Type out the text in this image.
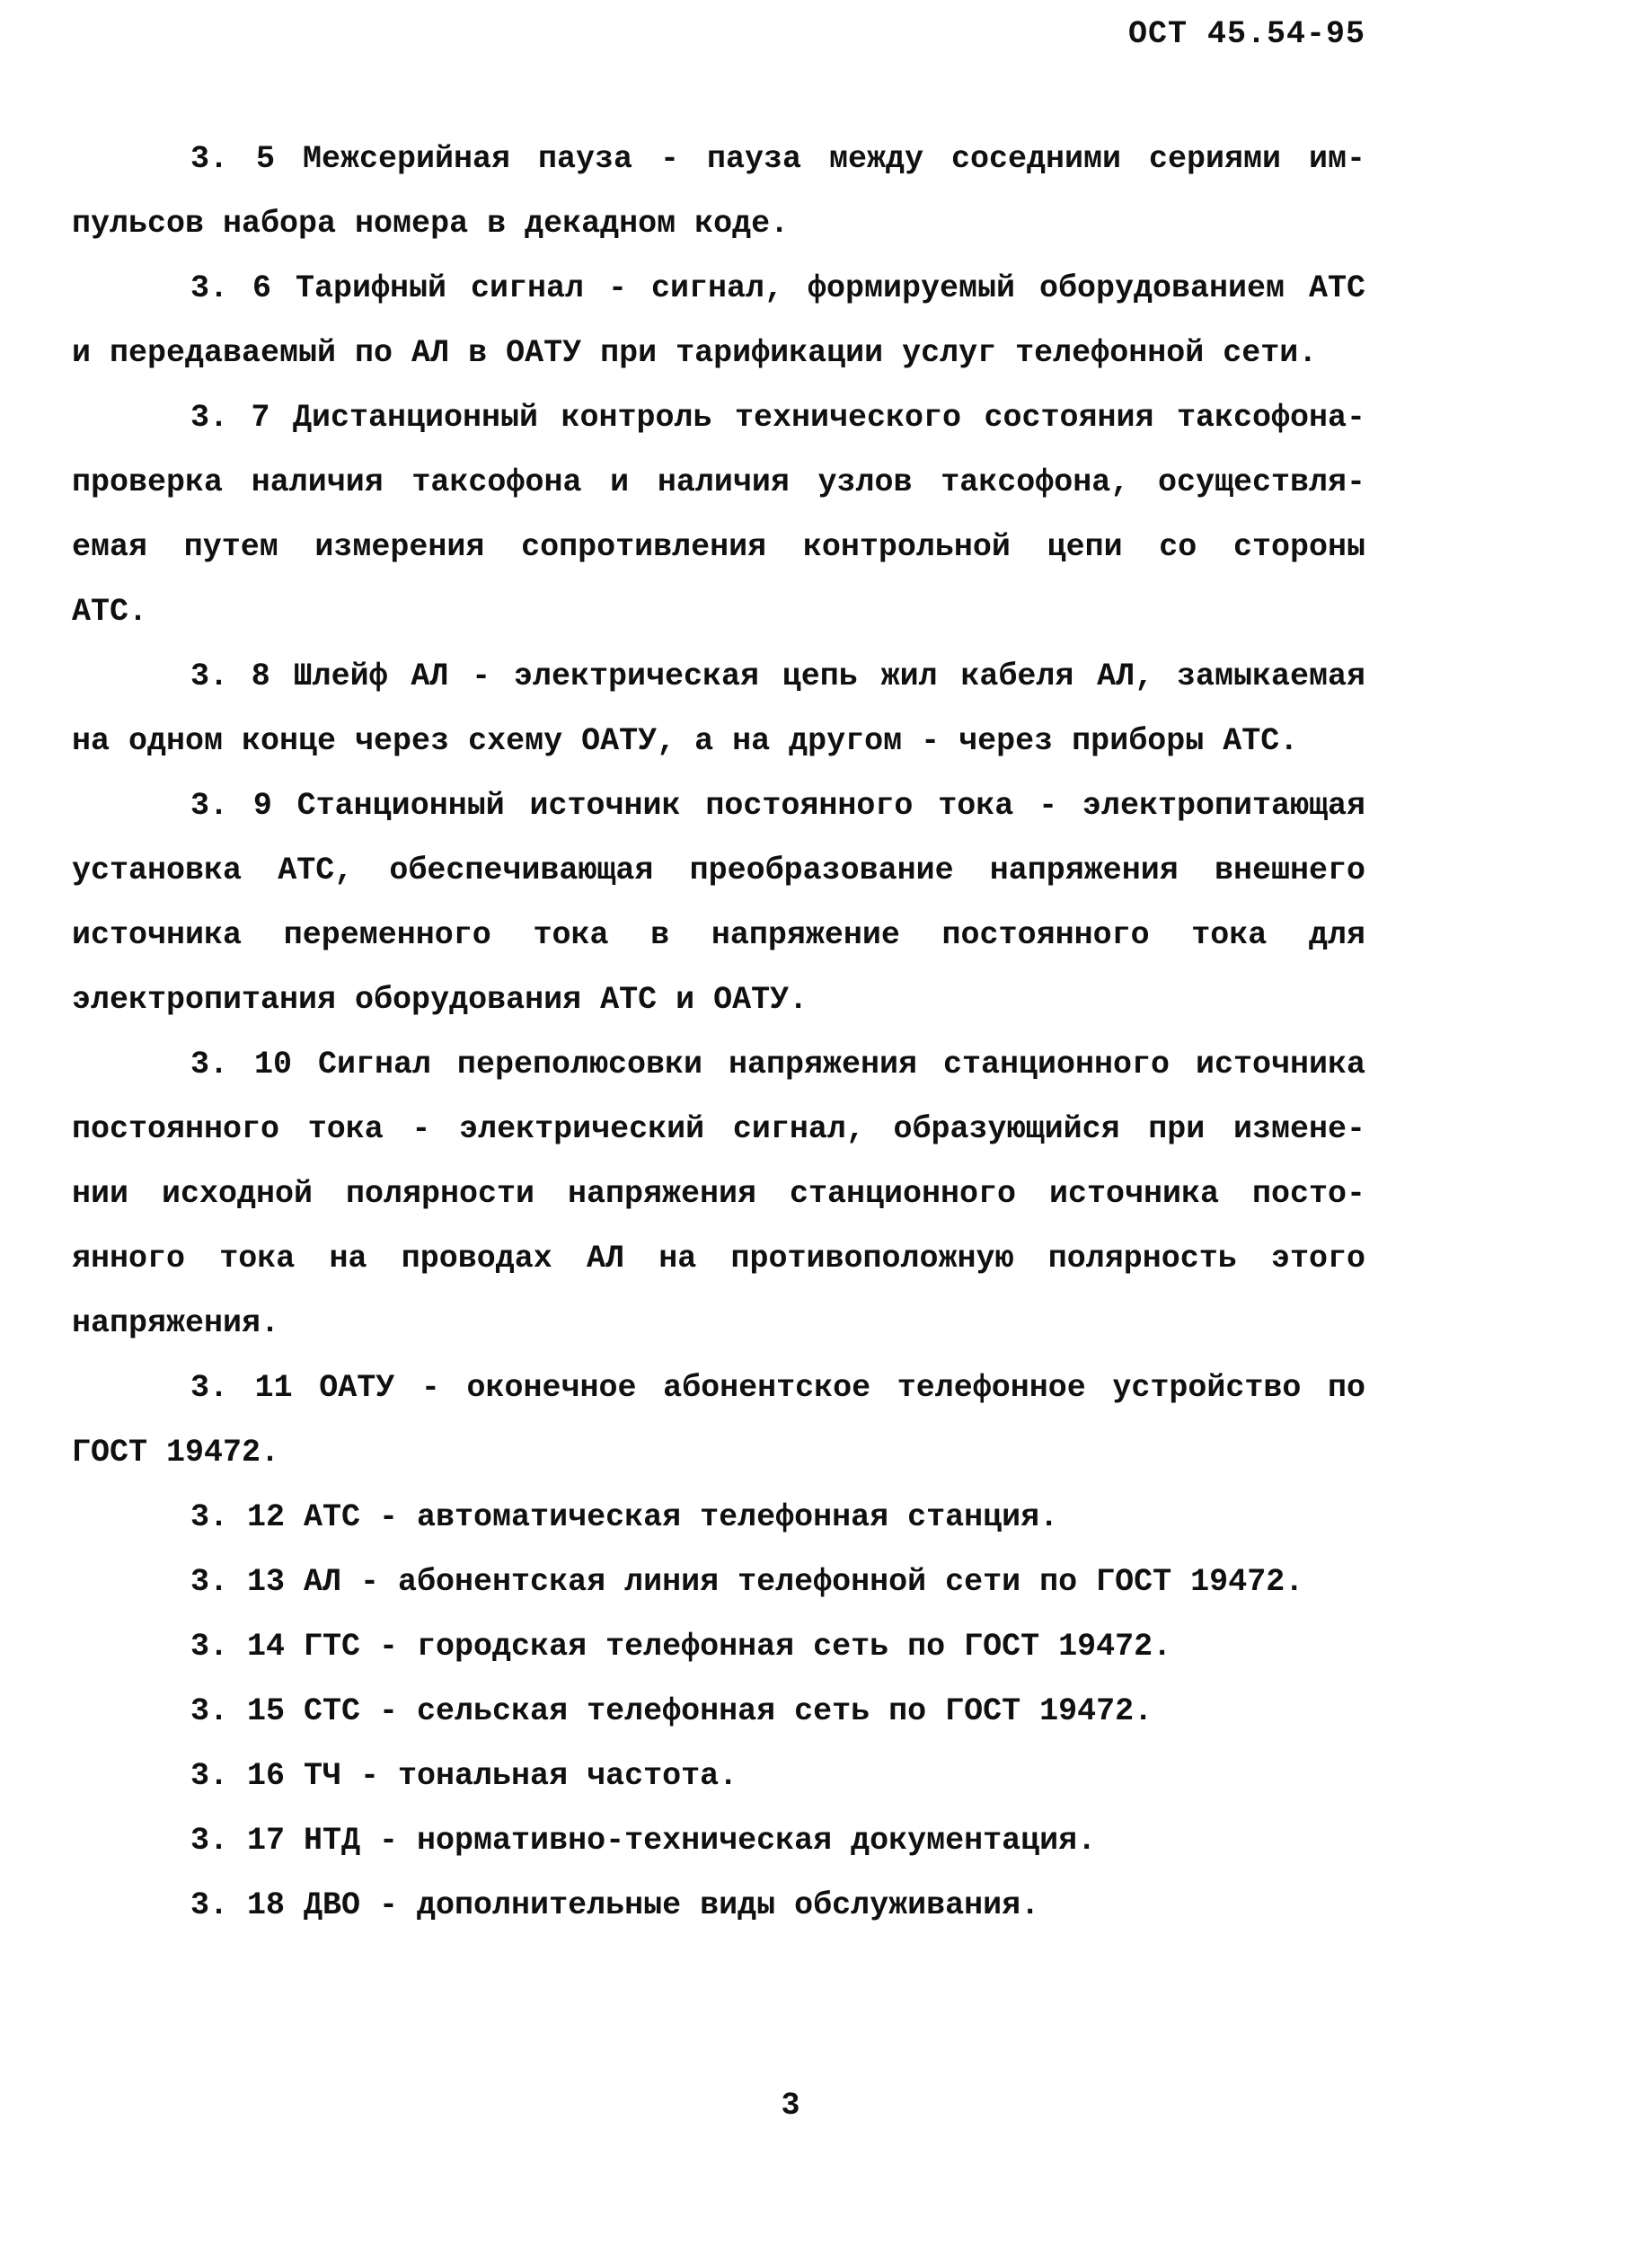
ОСТ 45.54-95
3. 5 Межсерийная пауза - пауза между соседними сериями им-
пульсов набора номера в декадном коде.
3. 6 Тарифный сигнал - сигнал, формируемый оборудованием АТС
и передаваемый по АЛ в ОАТУ при тарификации услуг телефонной сети.
3. 7 Дистанционный контроль технического состояния таксофона-
проверка наличия таксофона и наличия узлов таксофона, осуществля-
емая путем измерения сопротивления контрольной цепи со стороны
АТС.
3. 8 Шлейф АЛ - электрическая цепь жил кабеля АЛ, замыкаемая
на одном конце через схему ОАТУ, а на другом - через приборы АТС.
3. 9 Станционный источник постоянного тока - электропитающая
установка АТС, обеспечивающая преобразование напряжения внешнего
источника переменного тока в напряжение постоянного тока для
электропитания оборудования АТС и ОАТУ.
3. 10 Сигнал переполюсовки напряжения станционного источника
постоянного тока - электрический сигнал, образующийся при измене-
нии исходной полярности напряжения станционного источника посто-
янного тока на проводах АЛ на противоположную полярность этого
напряжения.
3. 11 ОАТУ - оконечное абонентское телефонное устройство по
ГОСТ 19472.
3. 12 АТС - автоматическая телефонная станция.
3. 13 АЛ - абонентская линия телефонной сети по ГОСТ 19472.
3. 14 ГТС - городская телефонная сеть по ГОСТ 19472.
3. 15 СТС - сельская телефонная сеть по ГОСТ 19472.
3. 16 ТЧ - тональная частота.
3. 17 НТД - нормативно-техническая документация.
3. 18 ДВО - дополнительные виды обслуживания.
3
